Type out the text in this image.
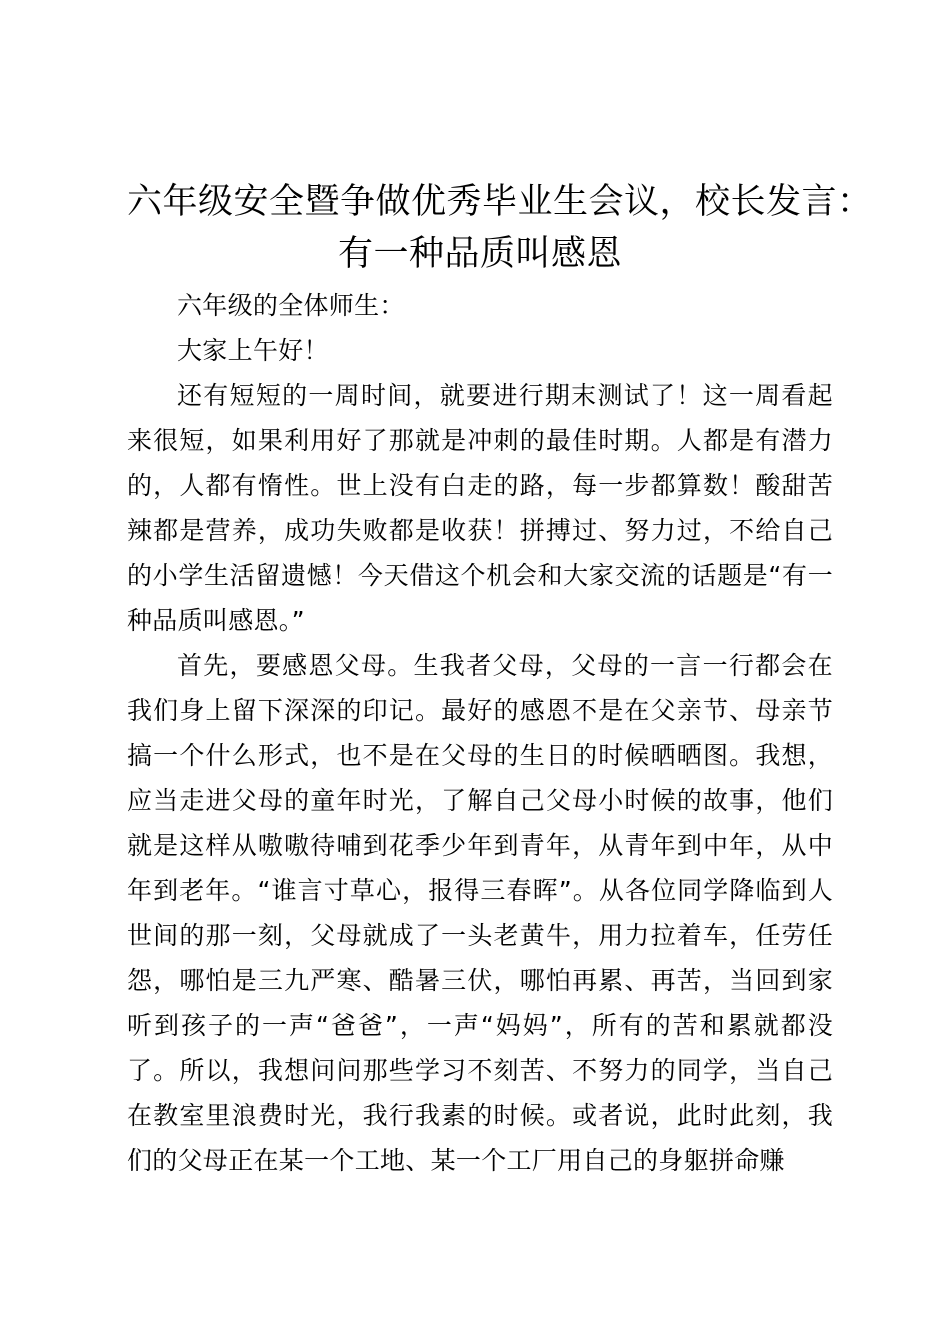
六年级安全暨争做优秀毕业生会议，校长发言：
有一种品质叫感恩

六年级的全体师生：

大家上午好！

还有短短的一周时间，就要进行期末测试了！这一周看起来很短，如果利用好了那就是冲刺的最佳时期。人都是有潜力的，人都有惰性。世上没有白走的路，每一步都算数！酸甜苦辣都是营养，成功失败都是收获！拼搏过、努力过，不给自己的小学生活留遗憾！今天借这个机会和大家交流的话题是“有一种品质叫感恩。”

首先，要感恩父母。生我者父母，父母的一言一行都会在我们身上留下深深的印记。最好的感恩不是在父亲节、母亲节搞一个什么形式，也不是在父母的生日的时候晒晒图。我想，应当走进父母的童年时光，了解自己父母小时候的故事，他们就是这样从嗷嗷待哺到花季少年到青年，从青年到中年，从中年到老年。“谁言寸草心，报得三春晖”。从各位同学降临到人世间的那一刻，父母就成了一头老黄牛，用力拉着车，任劳任怨，哪怕是三九严寒、酷暑三伏，哪怕再累、再苦，当回到家听到孩子的一声“爸爸”，一声“妈妈”，所有的苦和累就都没了。所以，我想问问那些学习不刻苦、不努力的同学，当自己在教室里浪费时光，我行我素的时候。或者说，此时此刻，我们的父母正在某一个工地、某一个工厂用自己的身躯拼命赚
